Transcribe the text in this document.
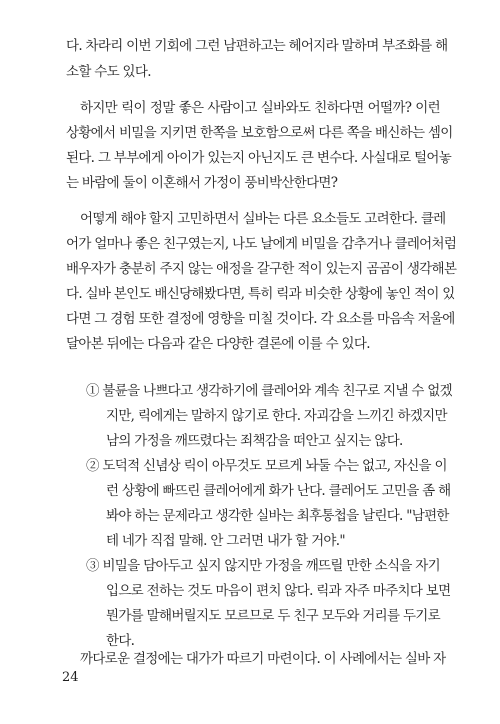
다. 차라리 이번 기회에 그런 남편하고는 헤어지라 말하며 부조화를 해
소할 수도 있다.
하지만 릭이 정말 좋은 사람이고 실바와도 친하다면 어떨까? 이런
상황에서 비밀을 지키면 한쪽을 보호함으로써 다른 쪽을 배신하는 셈이
된다. 그 부부에게 아이가 있는지 아닌지도 큰 변수다. 사실대로 털어놓
는 바람에 둘이 이혼해서 가정이 풍비박산한다면?
어떻게 해야 할지 고민하면서 실바는 다른 요소들도 고려한다. 클레
어가 얼마나 좋은 친구였는지, 나도 날에게 비밀을 감추거나 클레어처럼
배우자가 충분히 주지 않는 애정을 갈구한 적이 있는지 곰곰이 생각해본
다. 실바 본인도 배신당해봤다면, 특히 릭과 비슷한 상황에 놓인 적이 있
다면 그 경험 또한 결정에 영향을 미칠 것이다. 각 요소를 마음속 저울에
달아본 뒤에는 다음과 같은 다양한 결론에 이를 수 있다.
① 불륜을 나쁘다고 생각하기에 클레어와 계속 친구로 지낼 수 없겠
지만, 릭에게는 말하지 않기로 한다. 자괴감을 느끼긴 하겠지만
남의 가정을 깨뜨렸다는 죄책감을 떠안고 싶지는 않다.
② 도덕적 신념상 릭이 아무것도 모르게 놔둘 수는 없고, 자신을 이
런 상황에 빠뜨린 클레어에게 화가 난다. 클레어도 고민을 좀 해
봐야 하는 문제라고 생각한 실바는 최후통첩을 날린다. "남편한
테 네가 직접 말해. 안 그러면 내가 할 거야."
③ 비밀을 담아두고 싶지 않지만 가정을 깨뜨릴 만한 소식을 자기
입으로 전하는 것도 마음이 편치 않다. 릭과 자주 마주치다 보면
뭔가를 말해버릴지도 모르므로 두 친구 모두와 거리를 두기로
한다.
까다로운 결정에는 대가가 따르기 마련이다. 이 사례에서는 실바 자
24
